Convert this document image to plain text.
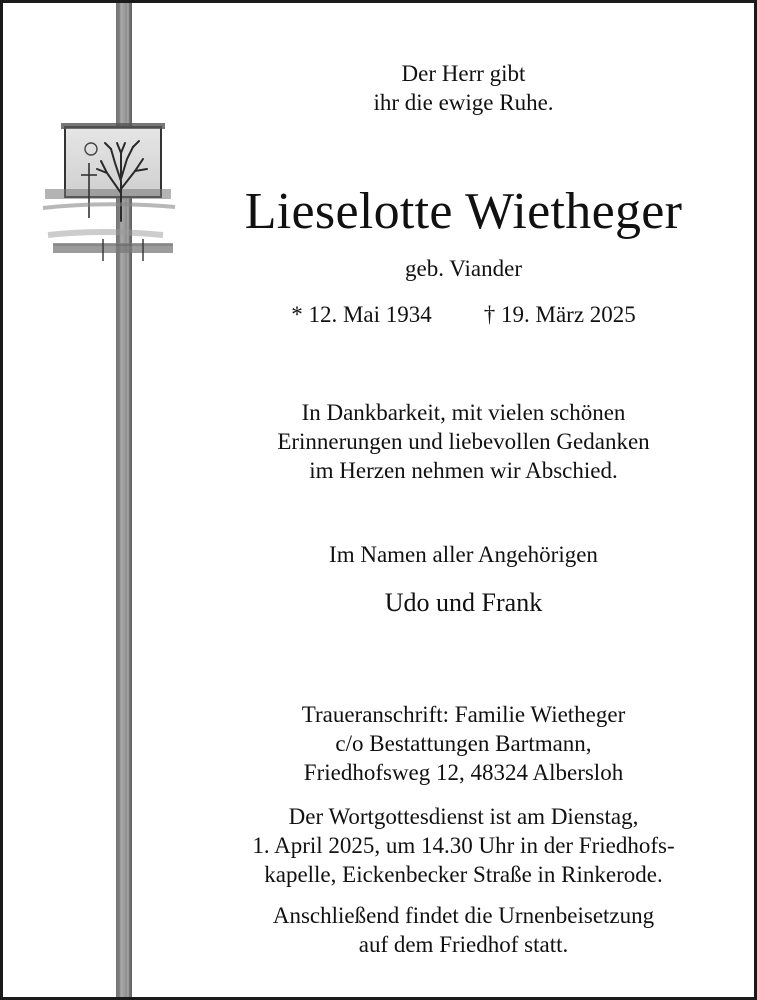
Der Herr gibt
ihr die ewige Ruhe.
Lieselotte Wietheger
geb. Viander
* 12. Mai 1934 † 19. März 2025
In Dankbarkeit, mit vielen schönen
Erinnerungen und liebevollen Gedanken
im Herzen nehmen wir Abschied.
Im Namen aller Angehörigen
Udo und Frank
Traueranschrift: Familie Wietheger
c/o Bestattungen Bartmann,
Friedhofsweg 12, 48324 Albersloh
Der Wortgottesdienst ist am Dienstag,
1. April 2025, um 14.30 Uhr in der Friedhofs-
kapelle, Eickenbecker Straße in Rinkerode.
Anschließend findet die Urnenbeisetzung
auf dem Friedhof statt.
